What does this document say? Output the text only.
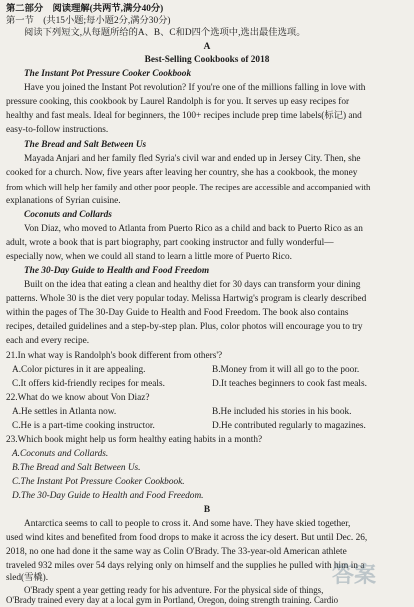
第二部分　阅读理解(共两节,满分40分)
第一节　(共15小题;每小题2分,满分30分)
阅读下列短文,从每题所给的A、B、C和D四个选项中,选出最佳选项。
A
Best-Selling Cookbooks of 2018
The Instant Pot Pressure Cooker Cookbook
Have you joined the Instant Pot revolution? If you're one of the millions falling in love with
pressure cooking, this cookbook by Laurel Randolph is for you. It serves up easy recipes for
healthy and fast meals. Ideal for beginners, the 100+ recipes include prep time labels(标记) and
easy-to-follow instructions.
The Bread and Salt Between Us
Mayada Anjari and her family fled Syria's civil war and ended up in Jersey City. Then, she
cooked for a church. Now, five years after leaving her country, she has a cookbook, the money
from which will help her family and other poor people. The recipes are accessible and accompanied with
explanations of Syrian cuisine.
Coconuts and Collards
Von Diaz, who moved to Atlanta from Puerto Rico as a child and back to Puerto Rico as an
adult, wrote a book that is part biography, part cooking instructor and fully wonderful—
especially now, when we could all stand to learn a little more of Puerto Rico.
The 30-Day Guide to Health and Food Freedom
Built on the idea that eating a clean and healthy diet for 30 days can transform your dining
patterns. Whole 30 is the diet very popular today. Melissa Hartwig's program is clearly described
within the pages of The 30-Day Guide to Health and Food Freedom. The book also contains
recipes, detailed guidelines and a step-by-step plan. Plus, color photos will encourage you to try
each and every recipe.
21.In what way is Randolph's book different from others'?
A.Color pictures in it are appealing.	B.Money from it will all go to the poor.
C.It offers kid-friendly recipes for meals.	D.It teaches beginners to cook fast meals.
22.What do we know about Von Diaz?
A.He settles in Atlanta now.	B.He included his stories in his book.
C.He is a part-time cooking instructor.	D.He contributed regularly to magazines.
23.Which book might help us form healthy eating habits in a month?
A.Coconuts and Collards.
B.The Bread and Salt Between Us.
C.The Instant Pot Pressure Cooker Cookbook.
D.The 30-Day Guide to Health and Food Freedom.
B
Antarctica seems to call to people to cross it. And some have. They have skied together,
used wind kites and benefited from food drops to make it across the icy desert. But until Dec. 26,
2018, no one had done it the same way as Colin O'Brady. The 33-year-old American athlete
traveled 932 miles over 54 days relying only on himself and the supplies he pulled with him in a
sled(雪橇).
O'Brady spent a year getting ready for his adventure. For the physical side of things,
O'Brady trained every day at a local gym in Portland, Oregon, doing strength training. Cardio
答案
